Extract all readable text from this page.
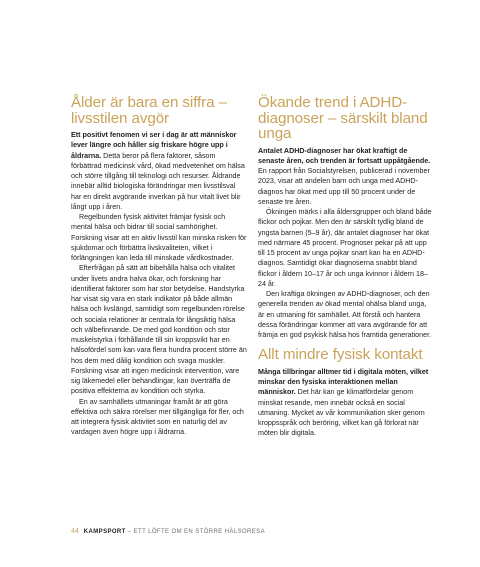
Ålder är bara en siffra – livsstilen avgör

Ett positivt fenomen vi ser i dag är att människor lever längre och håller sig friskare högre upp i åldrarna. Detta beror på flera faktorer, såsom förbättrad medicinsk vård, ökad medvetenhet om hälsa och större tillgång till teknologi och resurser. Åldrande innebär alltid biologiska förändringar men livsstilsval har en direkt avgörande inverkan på hur vitalt livet blir långt upp i åren.

Regelbunden fysisk aktivitet främjar fysisk och mental hälsa och bidrar till social samhörighet. Forskning visar att en aktiv livsstil kan minska risken för sjukdomar och förbättra livskvaliteten, vilket i förlängningen kan leda till minskade vårdkostnader.

Efterfrågan på sätt att bibehålla hälsa och vitalitet under livets andra halva ökar, och forskning har identifierat faktorer som har stor betydelse. Handstyrka har visat sig vara en stark indikator på både allmän hälsa och livslängd, samtidigt som regelbunden rörelse och sociala relationer är centrala för långsiktig hälsa och välbefinnande. De med god kondition och stor muskelstyrka i förhållande till sin kroppsvikt har en hälsofördel som kan vara flera hundra procent större än hos dem med dålig kondition och svaga muskler. Forskning visar att ingen medicinsk intervention, vare sig läkemedel eller behandlingar, kan överträffa de positiva effekterna av kondition och styrka.

En av samhällets utmaningar framåt är att göra effektiva och säkra rörelser mer tillgängliga för fler, och att integrera fysisk aktivitet som en naturlig del av vardagen även högre upp i åldrarna.

Ökande trend i ADHD-diagnoser – särskilt bland unga

Antalet ADHD-diagnoser har ökat kraftigt de senaste åren, och trenden är fortsatt uppåtgående. En rapport från Socialstyrelsen, publicerad i november 2023, visar att andelen barn och unga med ADHD-diagnos har ökat med upp till 50 procent under de senaste tre åren.

Ökningen märks i alla åldersgrupper och bland både flickor och pojkar. Men den är särskilt tydlig bland de yngsta barnen (5–9 år), där antalet diagnoser har ökat med närmare 45 procent. Prognoser pekar på att upp till 15 procent av unga pojkar snart kan ha en ADHD-diagnos. Samtidigt ökar diagnoserna snabbt bland flickor i åldern 10–17 år och unga kvinnor i åldern 18–24 år.

Den kraftiga ökningen av ADHD-diagnoser, och den generella trenden av ökad mental ohälsa bland unga, är en utmaning för samhället. Att förstå och hantera dessa förändringar kommer att vara avgörande för att främja en god psykisk hälsa hos framtida generationer.

Allt mindre fysisk kontakt

Många tillbringar alltmer tid i digitala möten, vilket minskar den fysiska interaktionen mellan människor. Det här kan ge klimatfördelar genom minskat resande, men innebär också en social utmaning. Mycket av vår kommunikation sker genom kroppsspråk och beröring, vilket kan gå förlorat när möten blir digitala.

44 KAMPSPORT – ETT LÖFTE OM EN STÖRRE HÄLSORESA
